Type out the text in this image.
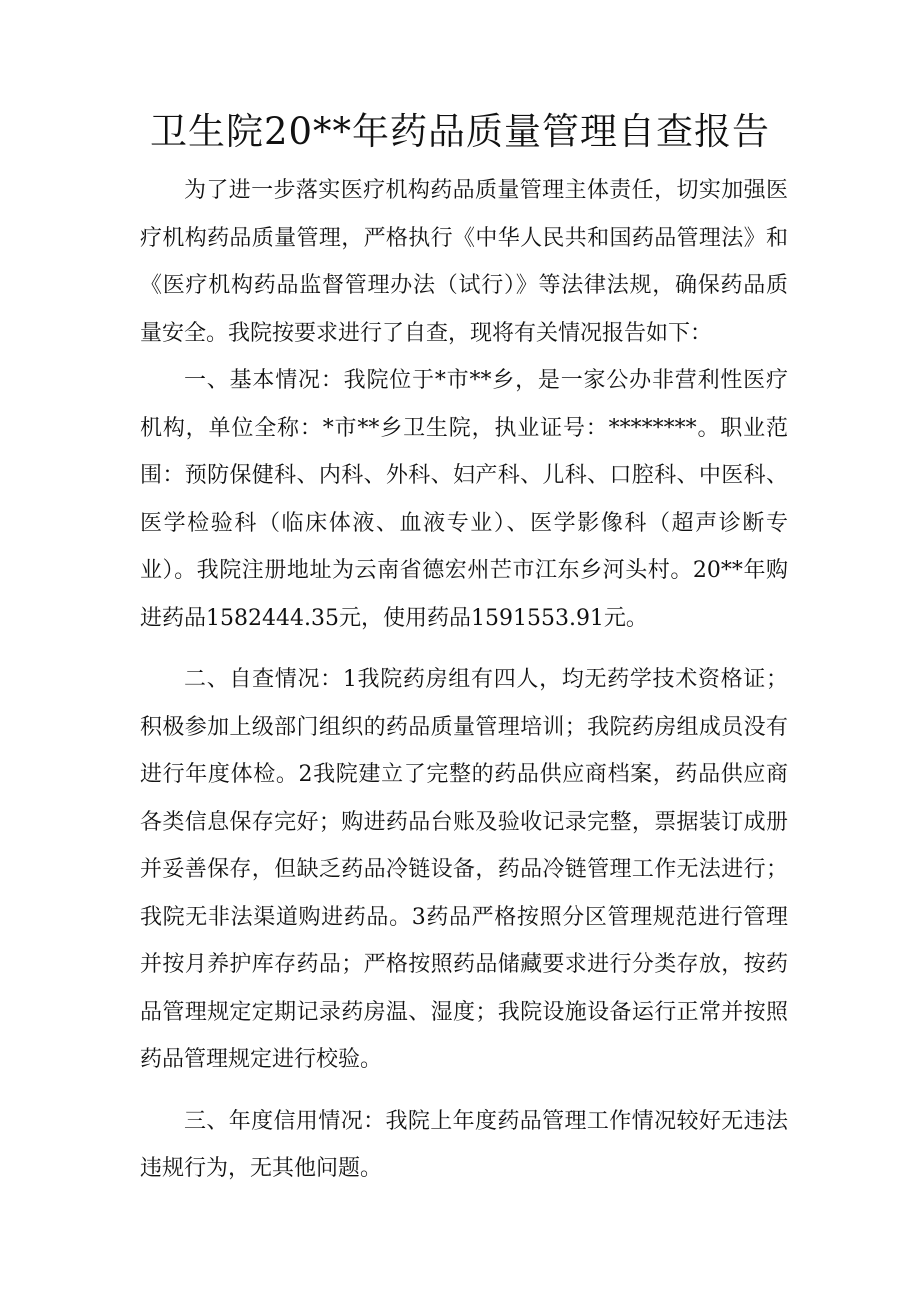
卫生院20**年药品质量管理自查报告

为了进一步落实医疗机构药品质量管理主体责任，切实加强医疗机构药品质量管理，严格执行《中华人民共和国药品管理法》和《医疗机构药品监督管理办法（试行）》等法律法规，确保药品质量安全。我院按要求进行了自查，现将有关情况报告如下：

一、基本情况：我院位于*市**乡，是一家公办非营利性医疗机构，单位全称：*市**乡卫生院，执业证号：********。职业范围：预防保健科、内科、外科、妇产科、儿科、口腔科、中医科、医学检验科（临床体液、血液专业）、医学影像科（超声诊断专业）。我院注册地址为云南省德宏州芒市江东乡河头村。20**年购进药品1582444.35元，使用药品1591553.91元。

二、自查情况：1我院药房组有四人，均无药学技术资格证；积极参加上级部门组织的药品质量管理培训；我院药房组成员没有进行年度体检。2我院建立了完整的药品供应商档案，药品供应商各类信息保存完好；购进药品台账及验收记录完整，票据装订成册并妥善保存，但缺乏药品冷链设备，药品冷链管理工作无法进行；我院无非法渠道购进药品。3药品严格按照分区管理规范进行管理并按月养护库存药品；严格按照药品储藏要求进行分类存放，按药品管理规定定期记录药房温、湿度；我院设施设备运行正常并按照药品管理规定进行校验。

三、年度信用情况：我院上年度药品管理工作情况较好无违法违规行为，无其他问题。
